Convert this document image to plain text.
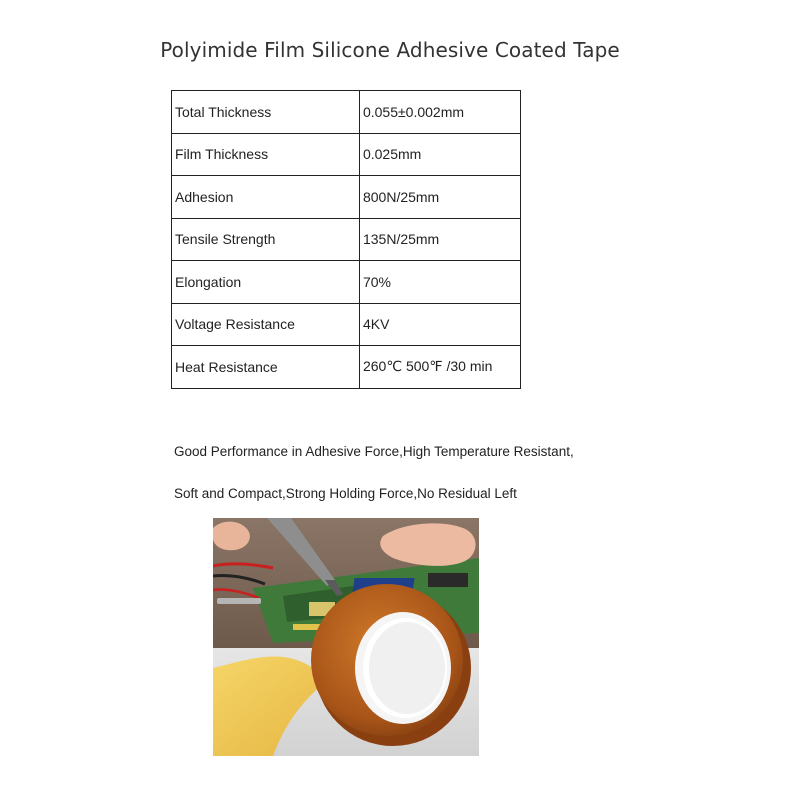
Polyimide Film Silicone Adhesive Coated Tape
Total Thickness	0.055±0.002mm
Film Thickness	0.025mm
Adhesion	800N/25mm
Tensile Strength	135N/25mm
Elongation	70%
Voltage Resistance	4KV
Heat Resistance	260℃ 500℉ /30 min
Good Performance in Adhesive Force,High Temperature Resistant,
Soft and Compact,Strong Holding Force,No Residual Left
